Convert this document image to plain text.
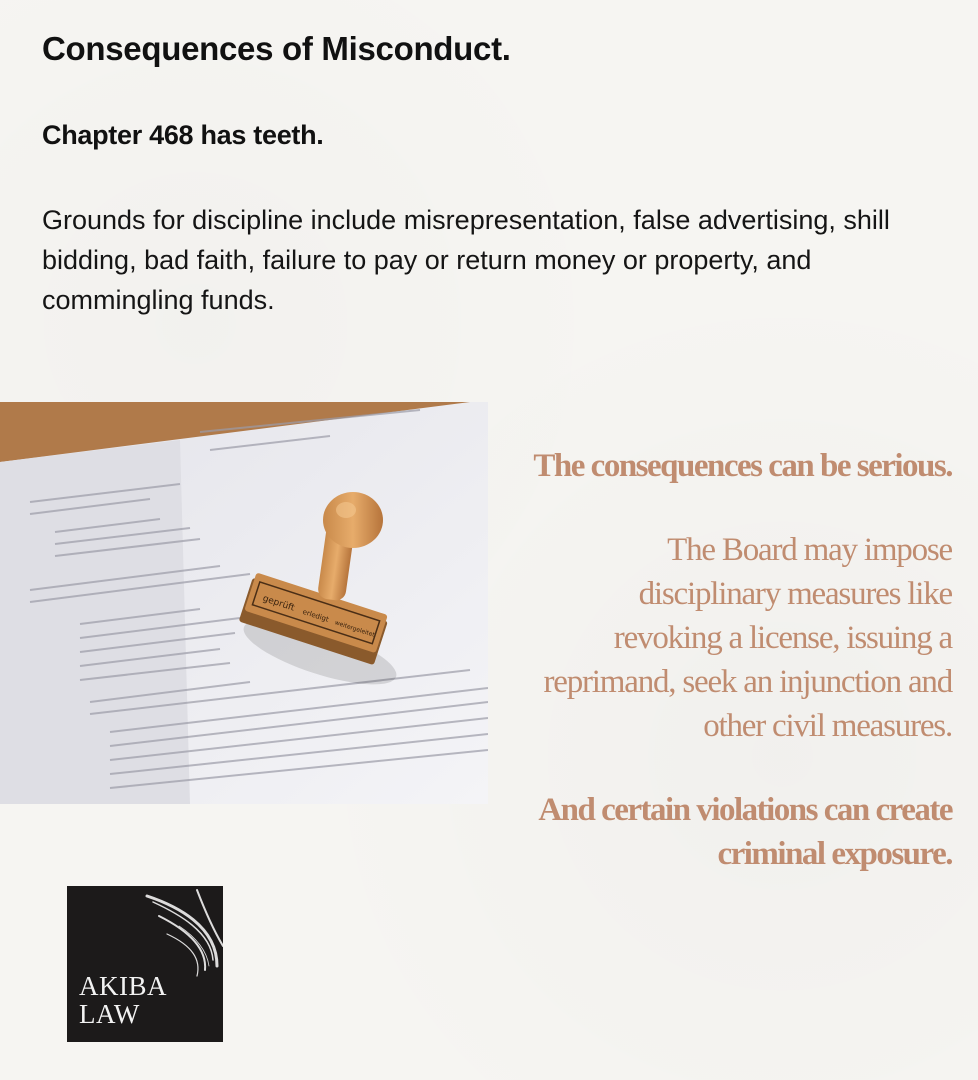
Consequences of Misconduct.
Chapter 468 has teeth.
Grounds for discipline include misrepresentation, false advertising, shill bidding, bad faith, failure to pay or return money or property, and commingling funds.
geprüft
erledigt
weitergeleitet
The consequences can be serious.
The Board may impose disciplinary measures like revoking a license, issuing a reprimand, seek an injunction and other civil measures.
And certain violations can create criminal exposure.
AKIBA
LAW
